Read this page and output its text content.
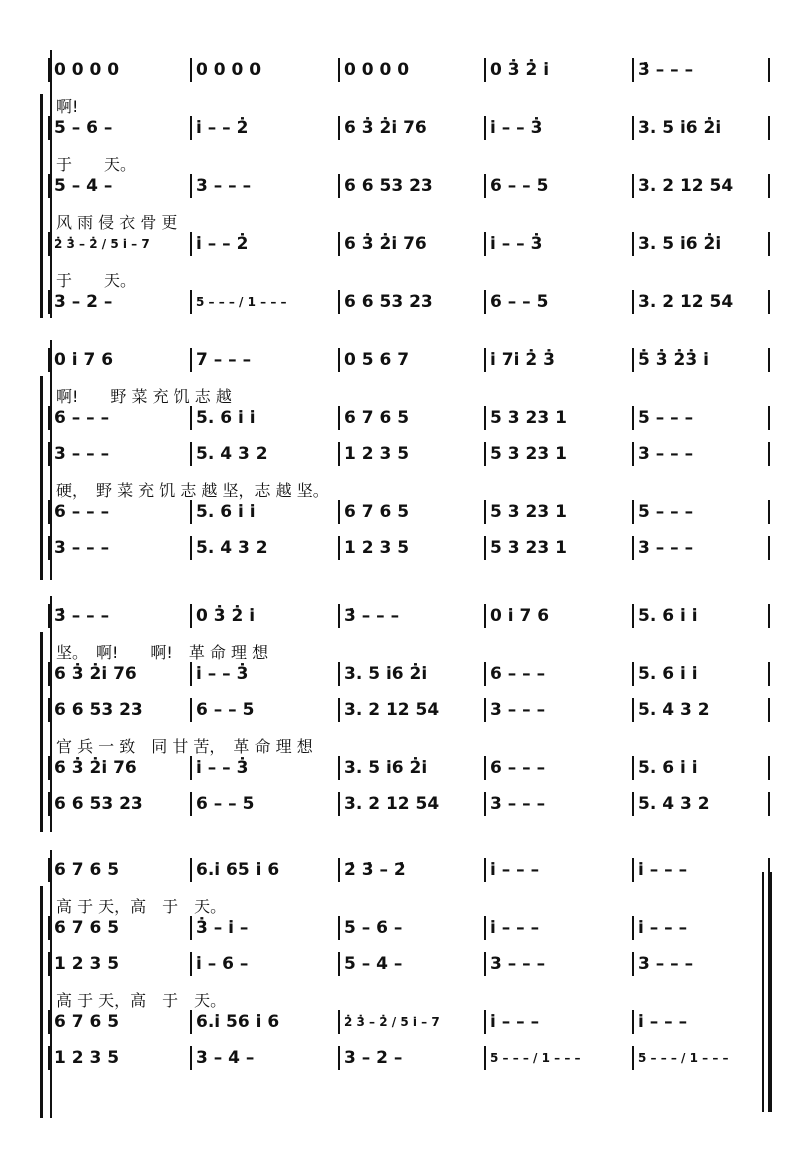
0 0 0 0	0 0 0 0	0 0 0 0	0 3̇ 2̇ i̇	3̇ – – –
啊!
5 – 6 –	i̇ – – 2̇	6 3̇ 2̇i̇ 76	i̇ – – 3̇	3. 5 i̇6 2̇i̇
于　　天。
5 – 4 –	3 – – –	6 6 53 23	6 – – 5	3. 2 12 54
风 雨 侵 衣 骨 更
2̇ 3̇ – 2̇ / 5 i̇ – 7	i̇ – – 2̇	6 3̇ 2̇i̇ 76	i̇ – – 3̇	3. 5 i̇6 2̇i̇
于　　天。
3 – 2 –	5 – – – / 1 – – –	6 6 53 23	6 – – 5	3. 2 12 54
0 i̇ 7 6	7 – – –	0 5 6 7	i̇ 7i̇ 2̇ 3̇	5̇ 3̇ 2̇3̇ i̇
啊!　　野 菜 充 饥 志 越
6 – – –	5. 6 i̇ i̇	6 7 6 5	5 3 23 1	5 – – –
3 – – –	5. 4 3 2	1 2 3 5	5 3 23 1	3 – – –
硬，　野 菜 充 饥 志 越 坚，志 越 坚。
6 – – –	5. 6 i̇ i̇	6 7 6 5	5 3 23 1	5 – – –
3 – – –	5. 4 3 2	1 2 3 5	5 3 23 1	3 – – –
3̇ – – –	0 3̇ 2̇ i̇	3̇ – – –	0 i̇ 7 6	5. 6 i̇ i̇
坚。　啊!　　啊!　革 命 理 想
6 3̇ 2̇i̇ 76	i̇ – – 3̇	3. 5 i̇6 2̇i̇	6 – – –	5. 6 i̇ i̇
6 6 53 23	6 – – 5	3. 2 12 54	3 – – –	5. 4 3 2
官 兵 一 致　同 甘 苦，　革 命 理 想
6 3̇ 2̇i̇ 76	i̇ – – 3̇	3. 5 i̇6 2̇i̇	6 – – –	5. 6 i̇ i̇
6 6 53 23	6 – – 5	3. 2 12 54	3 – – –	5. 4 3 2
6 7 6 5	6.i̇ 65 i̇ 6	2̇ 3̇ – 2̇	i̇ – – –	i̇ – – –
高 于 天，高　于　天。
6 7 6 5	3̇ – i̇ –	5 – 6 –	i̇ – – –	i̇ – – –
1 2 3 5	i̇ – 6 –	5 – 4 –	3 – – –	3 – – –
高 于 天，高　于　天。
6 7 6 5	6.i̇ 56 i̇ 6	2̇ 3̇ – 2̇ / 5 i̇ – 7	i̇ – – –	i̇ – – –
1 2 3 5	3 – 4 –	3 – 2 –	5 – – – / 1 – – –	5 – – – / 1 – – –
